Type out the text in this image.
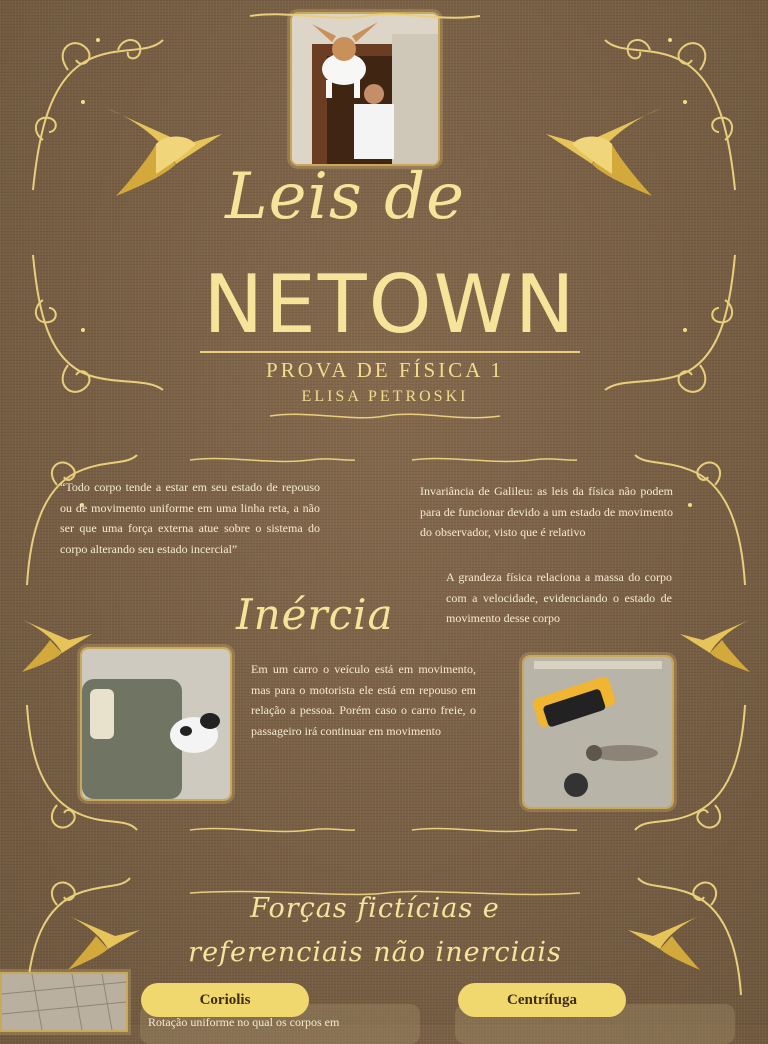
Leis de
NETOWN
PROVA DE FÍSICA 1
ELISA PETROSKI
“Todo corpo tende a estar em seu estado de repouso ou de movimento uniforme em uma linha reta, a não ser que uma força externa atue sobre o sistema do corpo alterando seu estado incercial”
Invariância de Galileu: as leis da física não podem para de funcionar devido a um estado de movimento do observador, visto que é relativo
A grandeza física relaciona a massa do corpo com a velocidade, evidenciando o estado de movimento desse corpo
Inércia
Em um carro o veículo está em movimento, mas para o motorista ele está em repouso em relação a pessoa. Porém caso o carro freie, o passageiro irá continuar em movimento
Forças fictícias e
referenciais não inerciais
Coriolis	Centrífuga
Rotação uniforme no qual os corpos em
